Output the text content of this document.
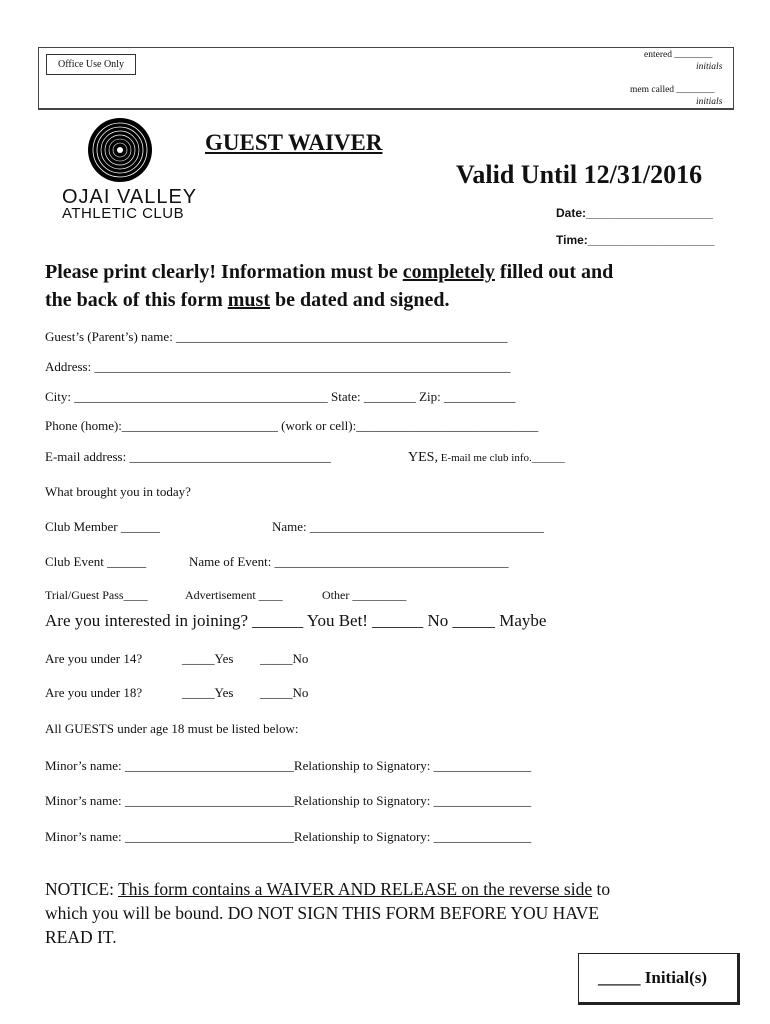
Office Use Only
entered ________
initials
mem called ________
initials
OJAI VALLEY
ATHLETIC CLUB
GUEST WAIVER
Valid Until 12/31/2016
Date:___________________
Time:___________________
Please print clearly! Information must be completely filled out and
the back of this form must be dated and signed.
Guest’s (Parent’s) name: ___________________________________________________
Address: ________________________________________________________________
City: _______________________________________ State: ________ Zip: ___________
Phone (home):________________________ (work or cell):____________________________
E-mail address: _______________________________	YES, E-mail me club info.______
What brought you in today?
Club Member ______	Name: ____________________________________
Club Event ______	Name of Event: ____________________________________
Trial/Guest Pass____	Advertisement ____	Other _________
Are you interested in joining? ______ You Bet! ______ No _____ Maybe
Are you under 14?	_____Yes _____No
Are you under 18?	_____Yes _____No
All GUESTS under age 18 must be listed below:
Minor’s name: __________________________Relationship to Signatory: _______________
Minor’s name: __________________________Relationship to Signatory: _______________
Minor’s name: __________________________Relationship to Signatory: _______________
NOTICE: This form contains a WAIVER AND RELEASE on the reverse side to
which you will be bound. DO NOT SIGN THIS FORM BEFORE YOU HAVE
READ IT.
_____ Initial(s)
